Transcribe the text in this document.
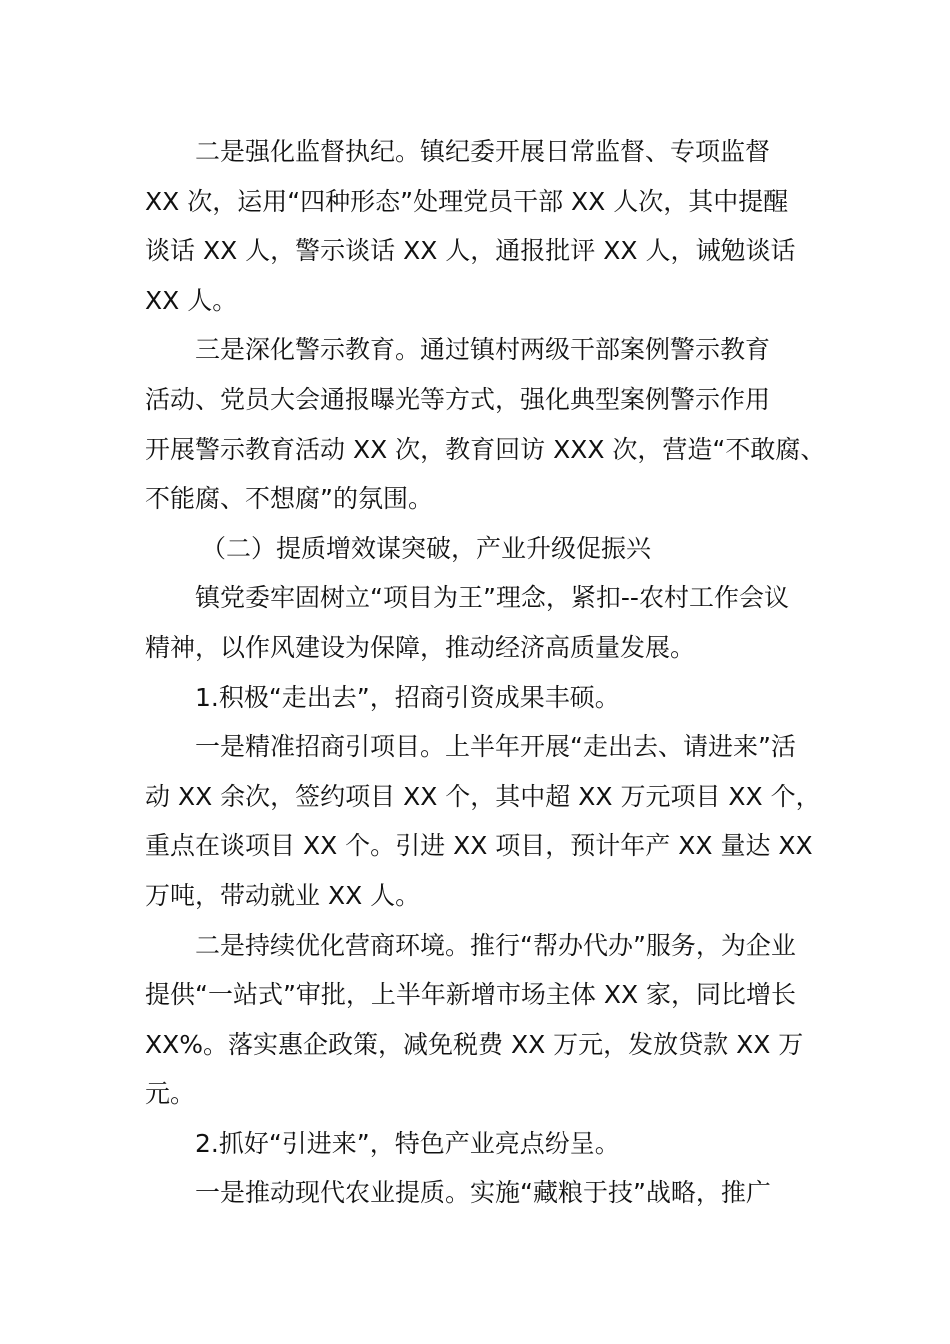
二是强化监督执纪。镇纪委开展日常监督、专项监督
XX 次，运用“四种形态”处理党员干部 XX 人次，其中提醒
谈话 XX 人，警示谈话 XX 人，通报批评 XX 人，诫勉谈话
XX 人。
三是深化警示教育。通过镇村两级干部案例警示教育
活动、党员大会通报曝光等方式，强化典型案例警示作用
开展警示教育活动 XX 次，教育回访 XXX 次，营造“不敢腐、
不能腐、不想腐”的氛围。
（二）提质增效谋突破，产业升级促振兴
镇党委牢固树立“项目为王”理念，紧扣--农村工作会议
精神，以作风建设为保障，推动经济高质量发展。
1.积极“走出去”，招商引资成果丰硕。
一是精准招商引项目。上半年开展“走出去、请进来”活
动 XX 余次，签约项目 XX 个，其中超 XX 万元项目 XX 个，
重点在谈项目 XX 个。引进 XX 项目，预计年产 XX 量达 XX
万吨，带动就业 XX 人。
二是持续优化营商环境。推行“帮办代办”服务，为企业
提供“一站式”审批，上半年新增市场主体 XX 家，同比增长
XX%。落实惠企政策，减免税费 XX 万元，发放贷款 XX 万
元。
2.抓好“引进来”，特色产业亮点纷呈。
一是推动现代农业提质。实施“藏粮于技”战略，推广
